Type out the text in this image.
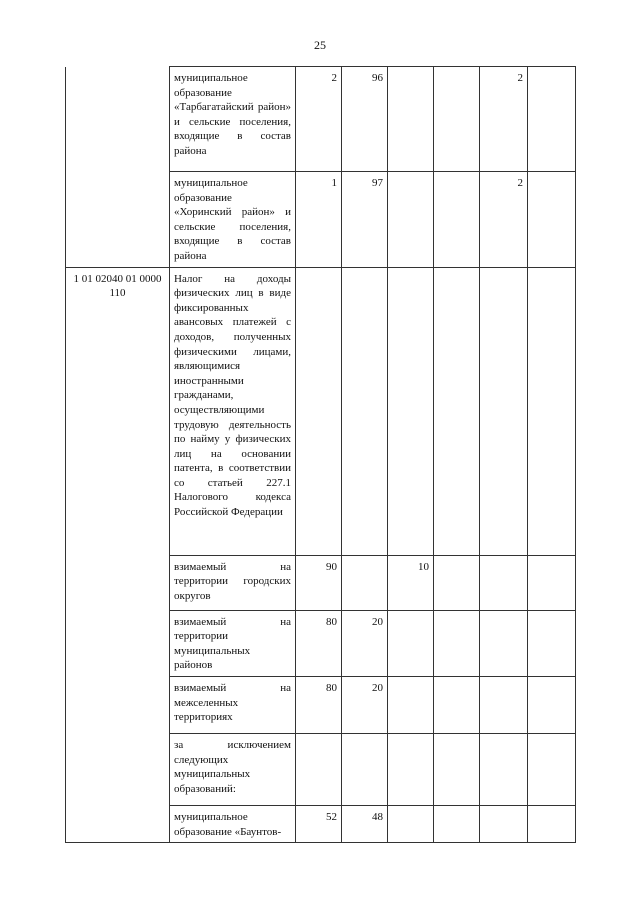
25
	муниципальное образование «Тарбагатайский район» и сельские поселения, входящие в состав района	2	96			2	
	муниципальное образование «Хоринский район» и сельские поселения, входящие в состав района	1	97			2	
1 01 02040 01 0000 110	Налог на доходы физических лиц в виде фиксированных авансовых платежей с доходов, полученных физическими лицами, являющимися иностранными гражданами, осуществляющими трудовую деятельность по найму у физических лиц на основании патента, в соответствии со статьей 227.1 Налогового кодекса Российской Федерации						
	взимаемый на территории городских округов	90		10			
	взимаемый на территории муниципальных районов	80	20				
	взимаемый на межселенных территориях	80	20				
	за исключением следующих муниципальных образований:						
	муниципальное образование «Баунтов-	52	48				
